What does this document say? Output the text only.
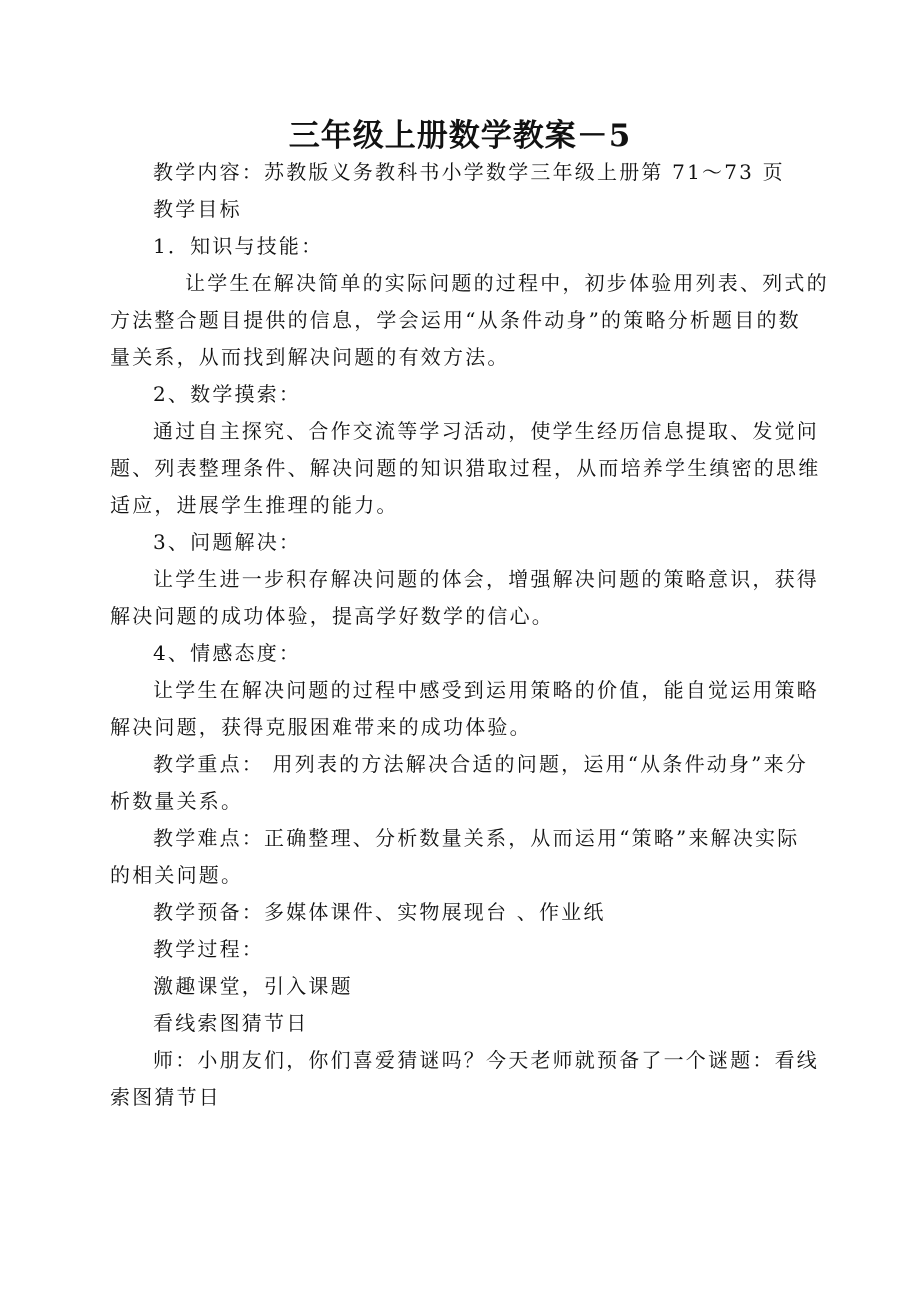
三年级上册数学教案－5
教学内容：苏教版义务教科书小学数学三年级上册第 71～73 页
教学目标
1．知识与技能：
让学生在解决简单的实际问题的过程中，初步体验用列表、列式的
方法整合题目提供的信息，学会运用“从条件动身”的策略分析题目的数
量关系，从而找到解决问题的有效方法。
2、数学摸索：
通过自主探究、合作交流等学习活动，使学生经历信息提取、发觉问
题、列表整理条件、解决问题的知识猎取过程，从而培养学生缜密的思维
适应，进展学生推理的能力。
3、问题解决：
让学生进一步积存解决问题的体会，增强解决问题的策略意识，获得
解决问题的成功体验，提高学好数学的信心。
4、情感态度：
让学生在解决问题的过程中感受到运用策略的价值，能自觉运用策略
解决问题，获得克服困难带来的成功体验。
教学重点： 用列表的方法解决合适的问题，运用“从条件动身”来分
析数量关系。
教学难点：正确整理、分析数量关系，从而运用“策略”来解决实际
的相关问题。
教学预备：多媒体课件、实物展现台 、作业纸
教学过程：
激趣课堂，引入课题
看线索图猜节日
师：小朋友们，你们喜爱猜谜吗？今天老师就预备了一个谜题：看线
索图猜节日
